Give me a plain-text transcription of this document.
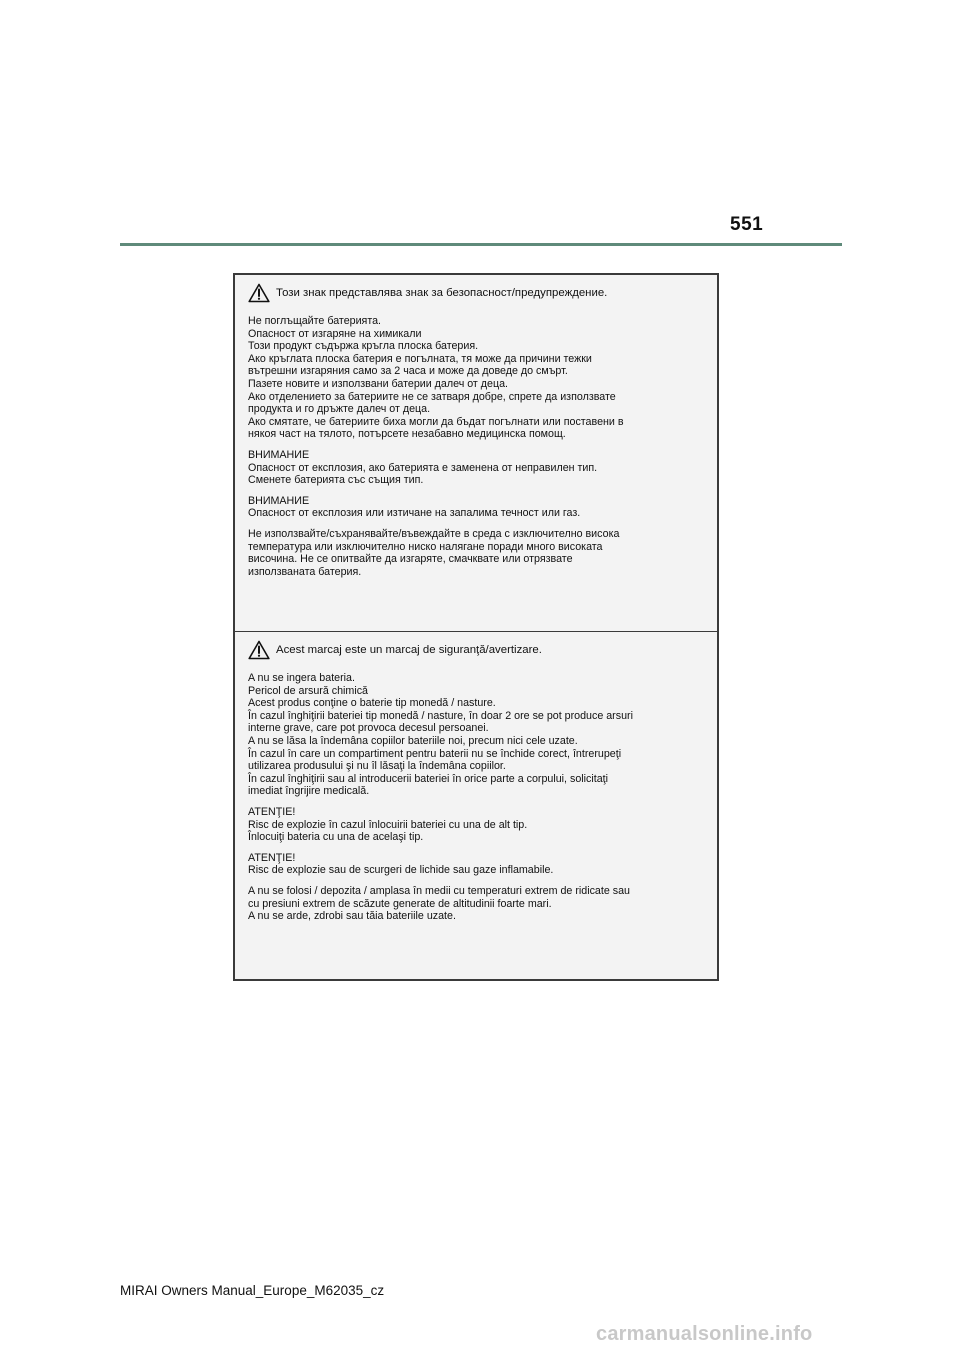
551
Този знак представлява знак за безопасност/предупреждение.
Не поглъщайте батерията.
Опасност от изгаряне на химикали
Този продукт съдържа кръгла плоска батерия.
Ако кръглата плоска батерия е погълната, тя може да причини тежки
вътрешни изгаряния само за 2 часа и може да доведе до смърт.
Пазете новите и използвани батерии далеч от деца.
Ако отделението за батериите не се затваря добре, спрете да използвате
продукта и го дръжте далеч от деца.
Ако смятате, че батериите биха могли да бъдат погълнати или поставени в
някоя част на тялото, потърсете незабавно медицинска помощ.
ВНИМАНИЕ
Опасност от експлозия, ако батерията е заменена от неправилен тип.
Сменете батерията със същия тип.
ВНИМАНИЕ
Опасност от експлозия или изтичане на запалима течност или газ.
Не използвайте/съхранявайте/въвеждайте в среда с изключително висока
температура или изключително ниско налягане поради много високата
височина. Не се опитвайте да изгаряте, смачквате или отрязвате
използваната батерия.
Acest marcaj este un marcaj de siguranţă/avertizare.
A nu se ingera bateria.
Pericol de arsură chimică
Acest produs conţine o baterie tip monedă / nasture.
În cazul înghiţirii bateriei tip monedă / nasture, în doar 2 ore se pot produce arsuri
interne grave, care pot provoca decesul persoanei.
A nu se lăsa la îndemâna copiilor bateriile noi, precum nici cele uzate.
În cazul în care un compartiment pentru baterii nu se închide corect, întrerupeţi
utilizarea produsului şi nu îl lăsaţi la îndemâna copiilor.
În cazul înghiţirii sau al introducerii bateriei în orice parte a corpului, solicitaţi
imediat îngrijire medicală.
ATENŢIE!
Risc de explozie în cazul înlocuirii bateriei cu una de alt tip.
Înlocuiţi bateria cu una de acelaşi tip.
ATENŢIE!
Risc de explozie sau de scurgeri de lichide sau gaze inflamabile.
A nu se folosi / depozita / amplasa în medii cu temperaturi extrem de ridicate sau
cu presiuni extrem de scăzute generate de altitudinii foarte mari.
A nu se arde, zdrobi sau tăia bateriile uzate.
MIRAI Owners Manual_Europe_M62035_cz
carmanualsonline.info
